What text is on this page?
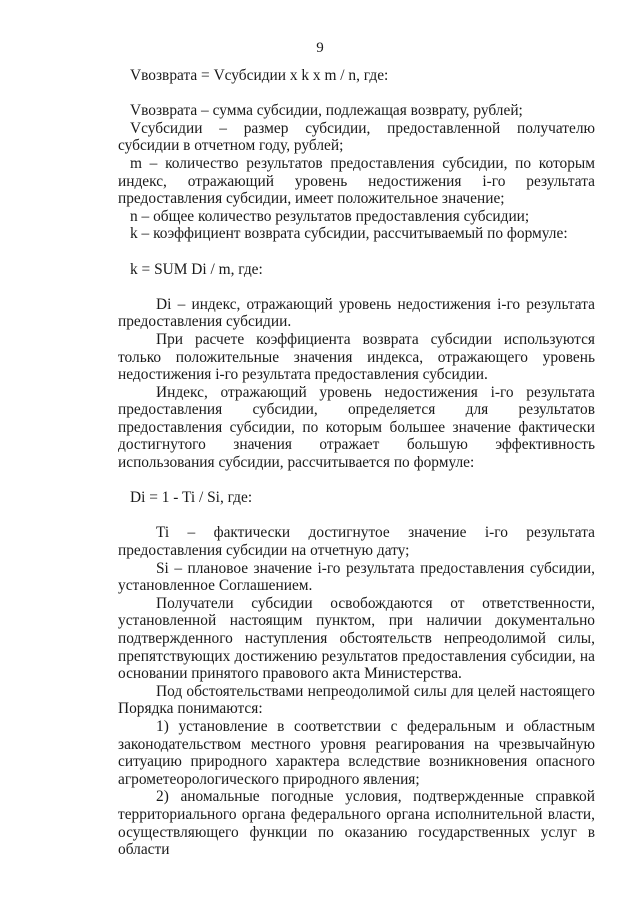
9

Vвозврата = Vсубсидии x k x m / n, где:

Vвозврата – сумма субсидии, подлежащая возврату, рублей;

Vсубсидии – размер субсидии, предоставленной получателю субсидии в отчетном году, рублей;

m – количество результатов предоставления субсидии, по которым индекс, отражающий уровень недостижения i-го результата предоставления субсидии, имеет положительное значение;

n – общее количество результатов предоставления субсидии;

k – коэффициент возврата субсидии, рассчитываемый по формуле:

k = SUM Di / m, где:

Di – индекс, отражающий уровень недостижения i-го результата предоставления субсидии.

При расчете коэффициента возврата субсидии используются только положительные значения индекса, отражающего уровень недостижения i-го результата предоставления субсидии.

Индекс, отражающий уровень недостижения i-го результата предоставления субсидии, определяется для результатов предоставления субсидии, по которым большее значение фактически достигнутого значения отражает большую эффективность использования субсидии, рассчитывается по формуле:

Di = 1 - Ti / Si, где:

Ti – фактически достигнутое значение i-го результата предоставления субсидии на отчетную дату;

Si – плановое значение i-го результата предоставления субсидии, установленное Соглашением.

Получатели субсидии освобождаются от ответственности, установленной настоящим пунктом, при наличии документально подтвержденного наступления обстоятельств непреодолимой силы, препятствующих достижению результатов предоставления субсидии, на основании принятого правового акта Министерства.

Под обстоятельствами непреодолимой силы для целей настоящего Порядка понимаются:

1) установление в соответствии с федеральным и областным законодательством местного уровня реагирования на чрезвычайную ситуацию природного характера вследствие возникновения опасного агрометеорологического природного явления;

2) аномальные погодные условия, подтвержденные справкой территориального органа федерального органа исполнительной власти, осуществляющего функции по оказанию государственных услуг в области
